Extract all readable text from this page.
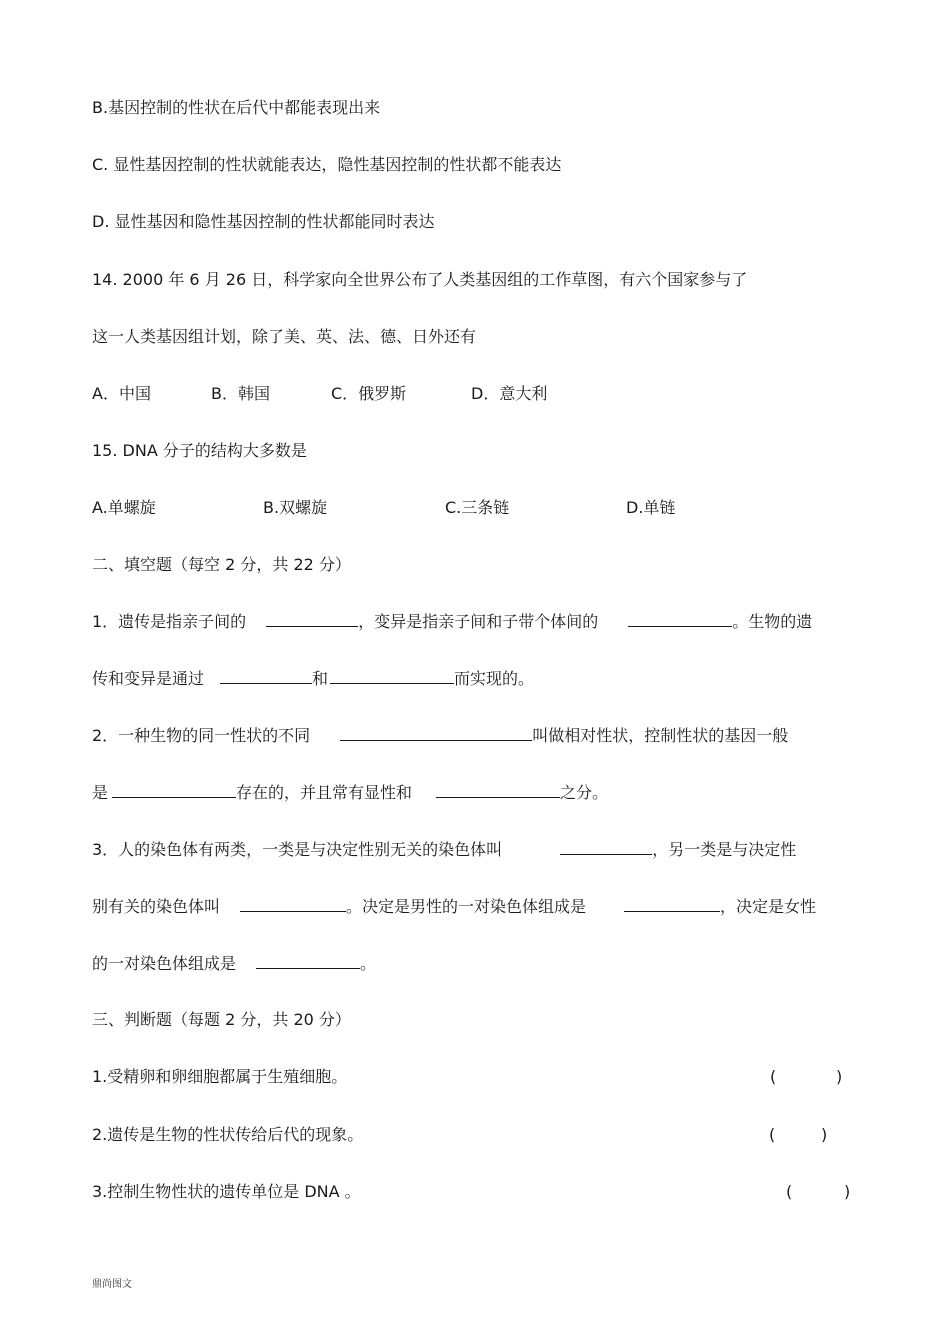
B.基因控制的性状在后代中都能表现出来
C. 显性基因控制的性状就能表达，隐性基因控制的性状都不能表达
D. 显性基因和隐性基因控制的性状都能同时表达
14. 2000 年 6 月 26 日，科学家向全世界公布了人类基因组的工作草图，有六个国家参与了
这一人类基因组计划，除了美、英、法、德、日外还有
A．中国	B．韩国	C．俄罗斯	D．意大利
15. DNA 分子的结构大多数是
A.单螺旋	B.双螺旋	C.三条链	D.单链
二、填空题（每空 2 分，共 22 分）
1．遗传是指亲子间的	，变异是指亲子间和子带个体间的	。生物的遗
传和变异是通过	和	而实现的。
2．一种生物的同一性状的不同	叫做相对性状，控制性状的基因一般
是	存在的，并且常有显性和	之分。
3．人的染色体有两类，一类是与决定性别无关的染色体叫	，另一类是与决定性
别有关的染色体叫	。决定是男性的一对染色体组成是	，决定是女性
的一对染色体组成是	。
三、判断题（每题 2 分，共 20 分）
1.受精卵和卵细胞都属于生殖细胞。	(	)
2.遗传是生物的性状传给后代的现象。	(	)
3.控制生物性状的遗传单位是 DNA 。	(	)
鼎尚图文
